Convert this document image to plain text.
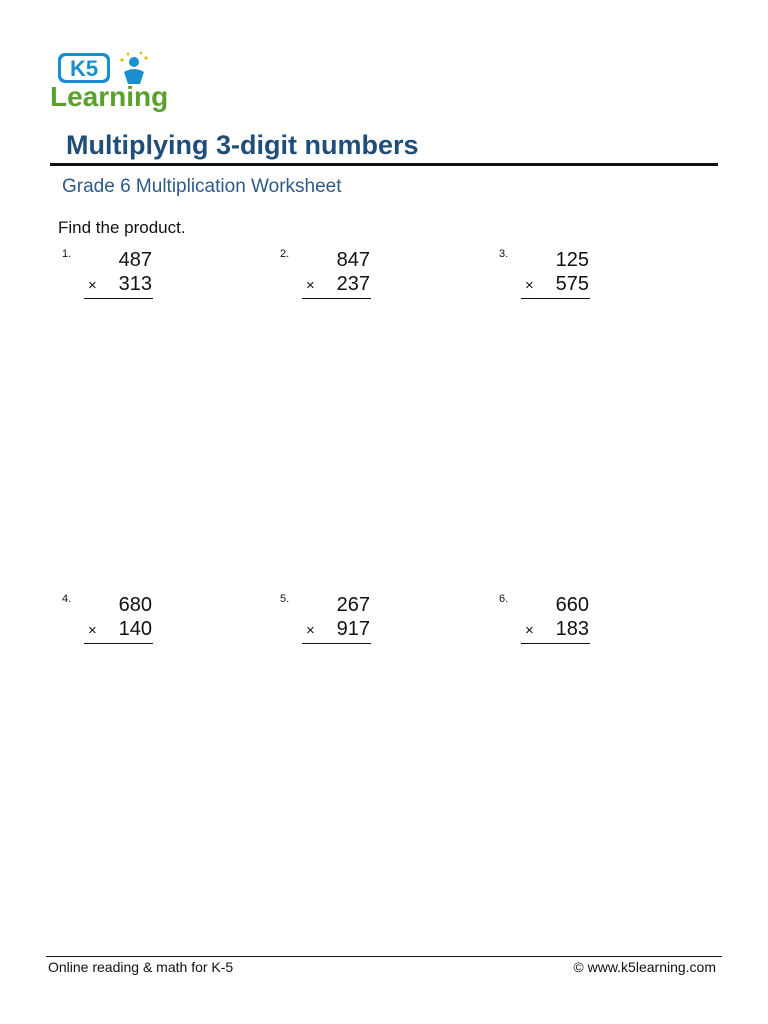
K5
Learning
Multiplying 3-digit numbers
Grade 6 Multiplication Worksheet
Find the product.
1.	487
×	313
2.	847
×	237
3.	125
×	575
4.	680
×	140
5.	267
×	917
6.	660
×	183
Online reading & math for K-5	© www.k5learning.com
